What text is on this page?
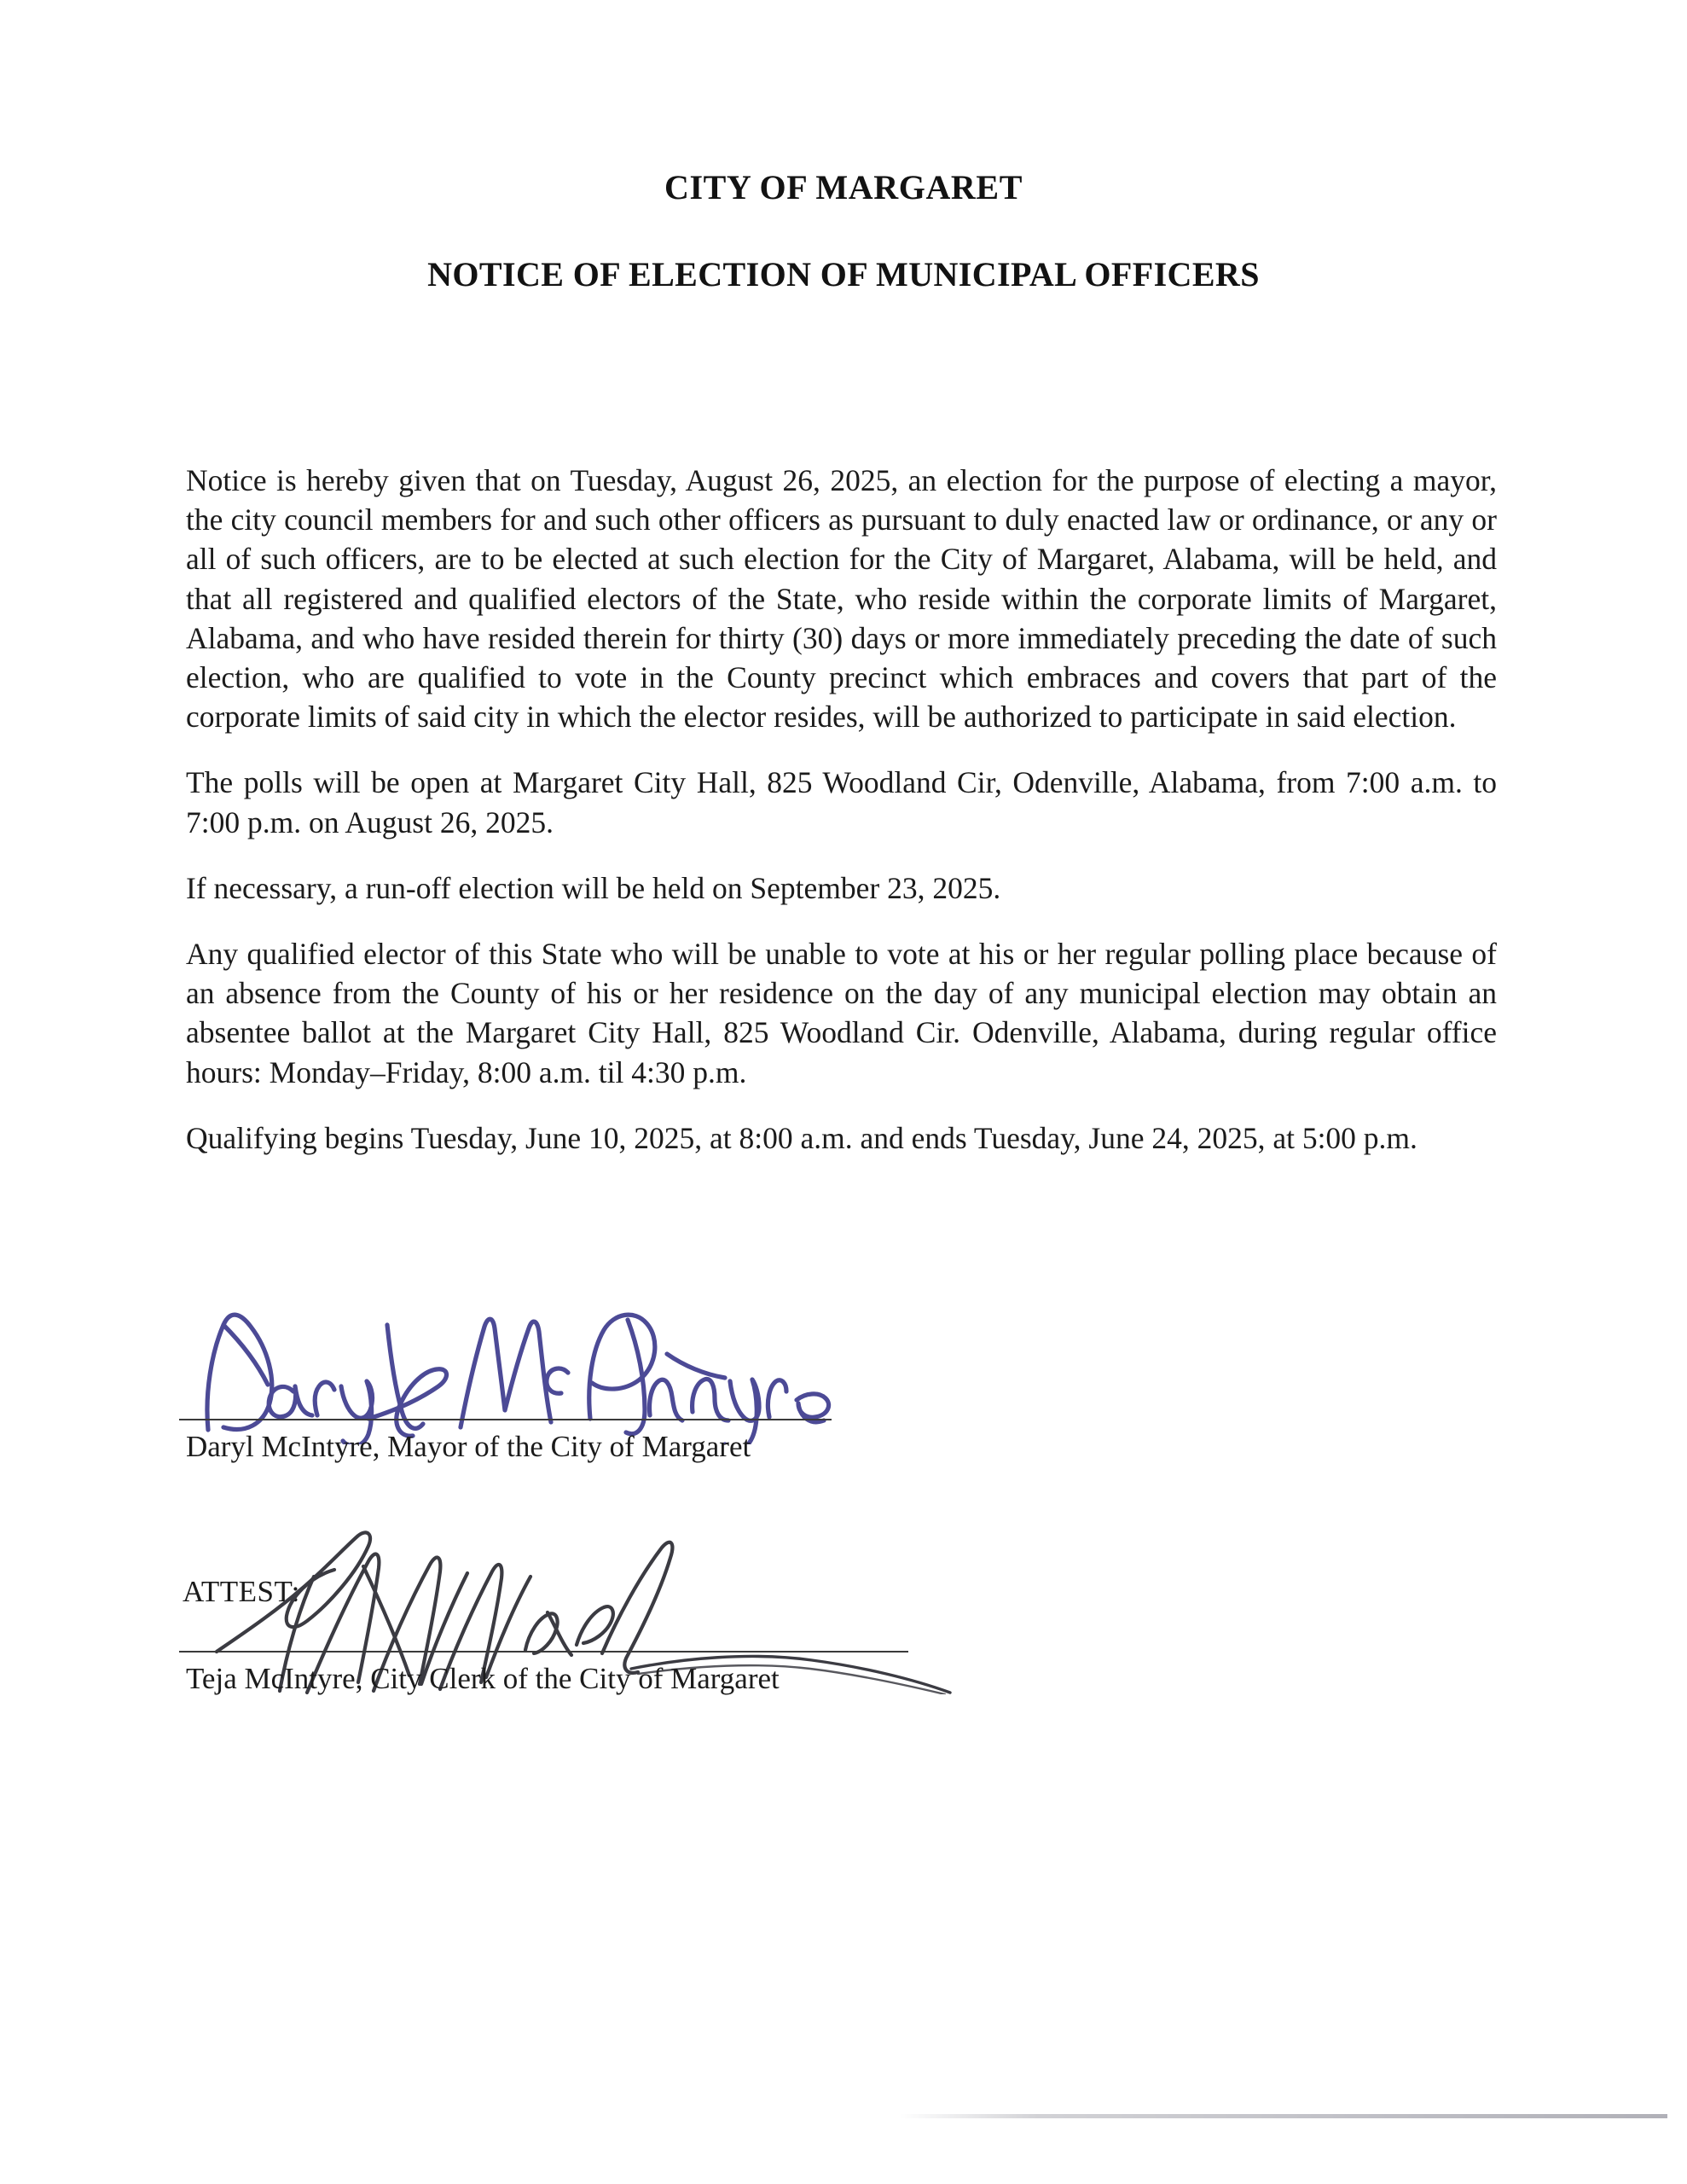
CITY OF MARGARET
NOTICE OF ELECTION OF MUNICIPAL OFFICERS

Notice is hereby given that on Tuesday, August 26, 2025, an election for the purpose of electing a mayor, the city council members for and such other officers as pursuant to duly enacted law or ordinance, or any or all of such officers, are to be elected at such election for the City of Margaret, Alabama, will be held, and that all registered and qualified electors of the State, who reside within the corporate limits of Margaret, Alabama, and who have resided therein for thirty (30) days or more immediately preceding the date of such election, who are qualified to vote in the County precinct which embraces and covers that part of the corporate limits of said city in which the elector resides, will be authorized to participate in said election.

The polls will be open at Margaret City Hall, 825 Woodland Cir, Odenville, Alabama, from 7:00 a.m. to 7:00 p.m. on August 26, 2025.

If necessary, a run-off election will be held on September 23, 2025.

Any qualified elector of this State who will be unable to vote at his or her regular polling place because of an absence from the County of his or her residence on the day of any municipal election may obtain an absentee ballot at the Margaret City Hall, 825 Woodland Cir. Odenville, Alabama, during regular office hours: Monday–Friday, 8:00 a.m. til 4:30 p.m.

Qualifying begins Tuesday, June 10, 2025, at 8:00 a.m. and ends Tuesday, June 24, 2025, at 5:00 p.m.

Daryl McIntyre, Mayor of the City of Margaret
ATTEST:
Teja McIntyre, City Clerk of the City of Margaret
